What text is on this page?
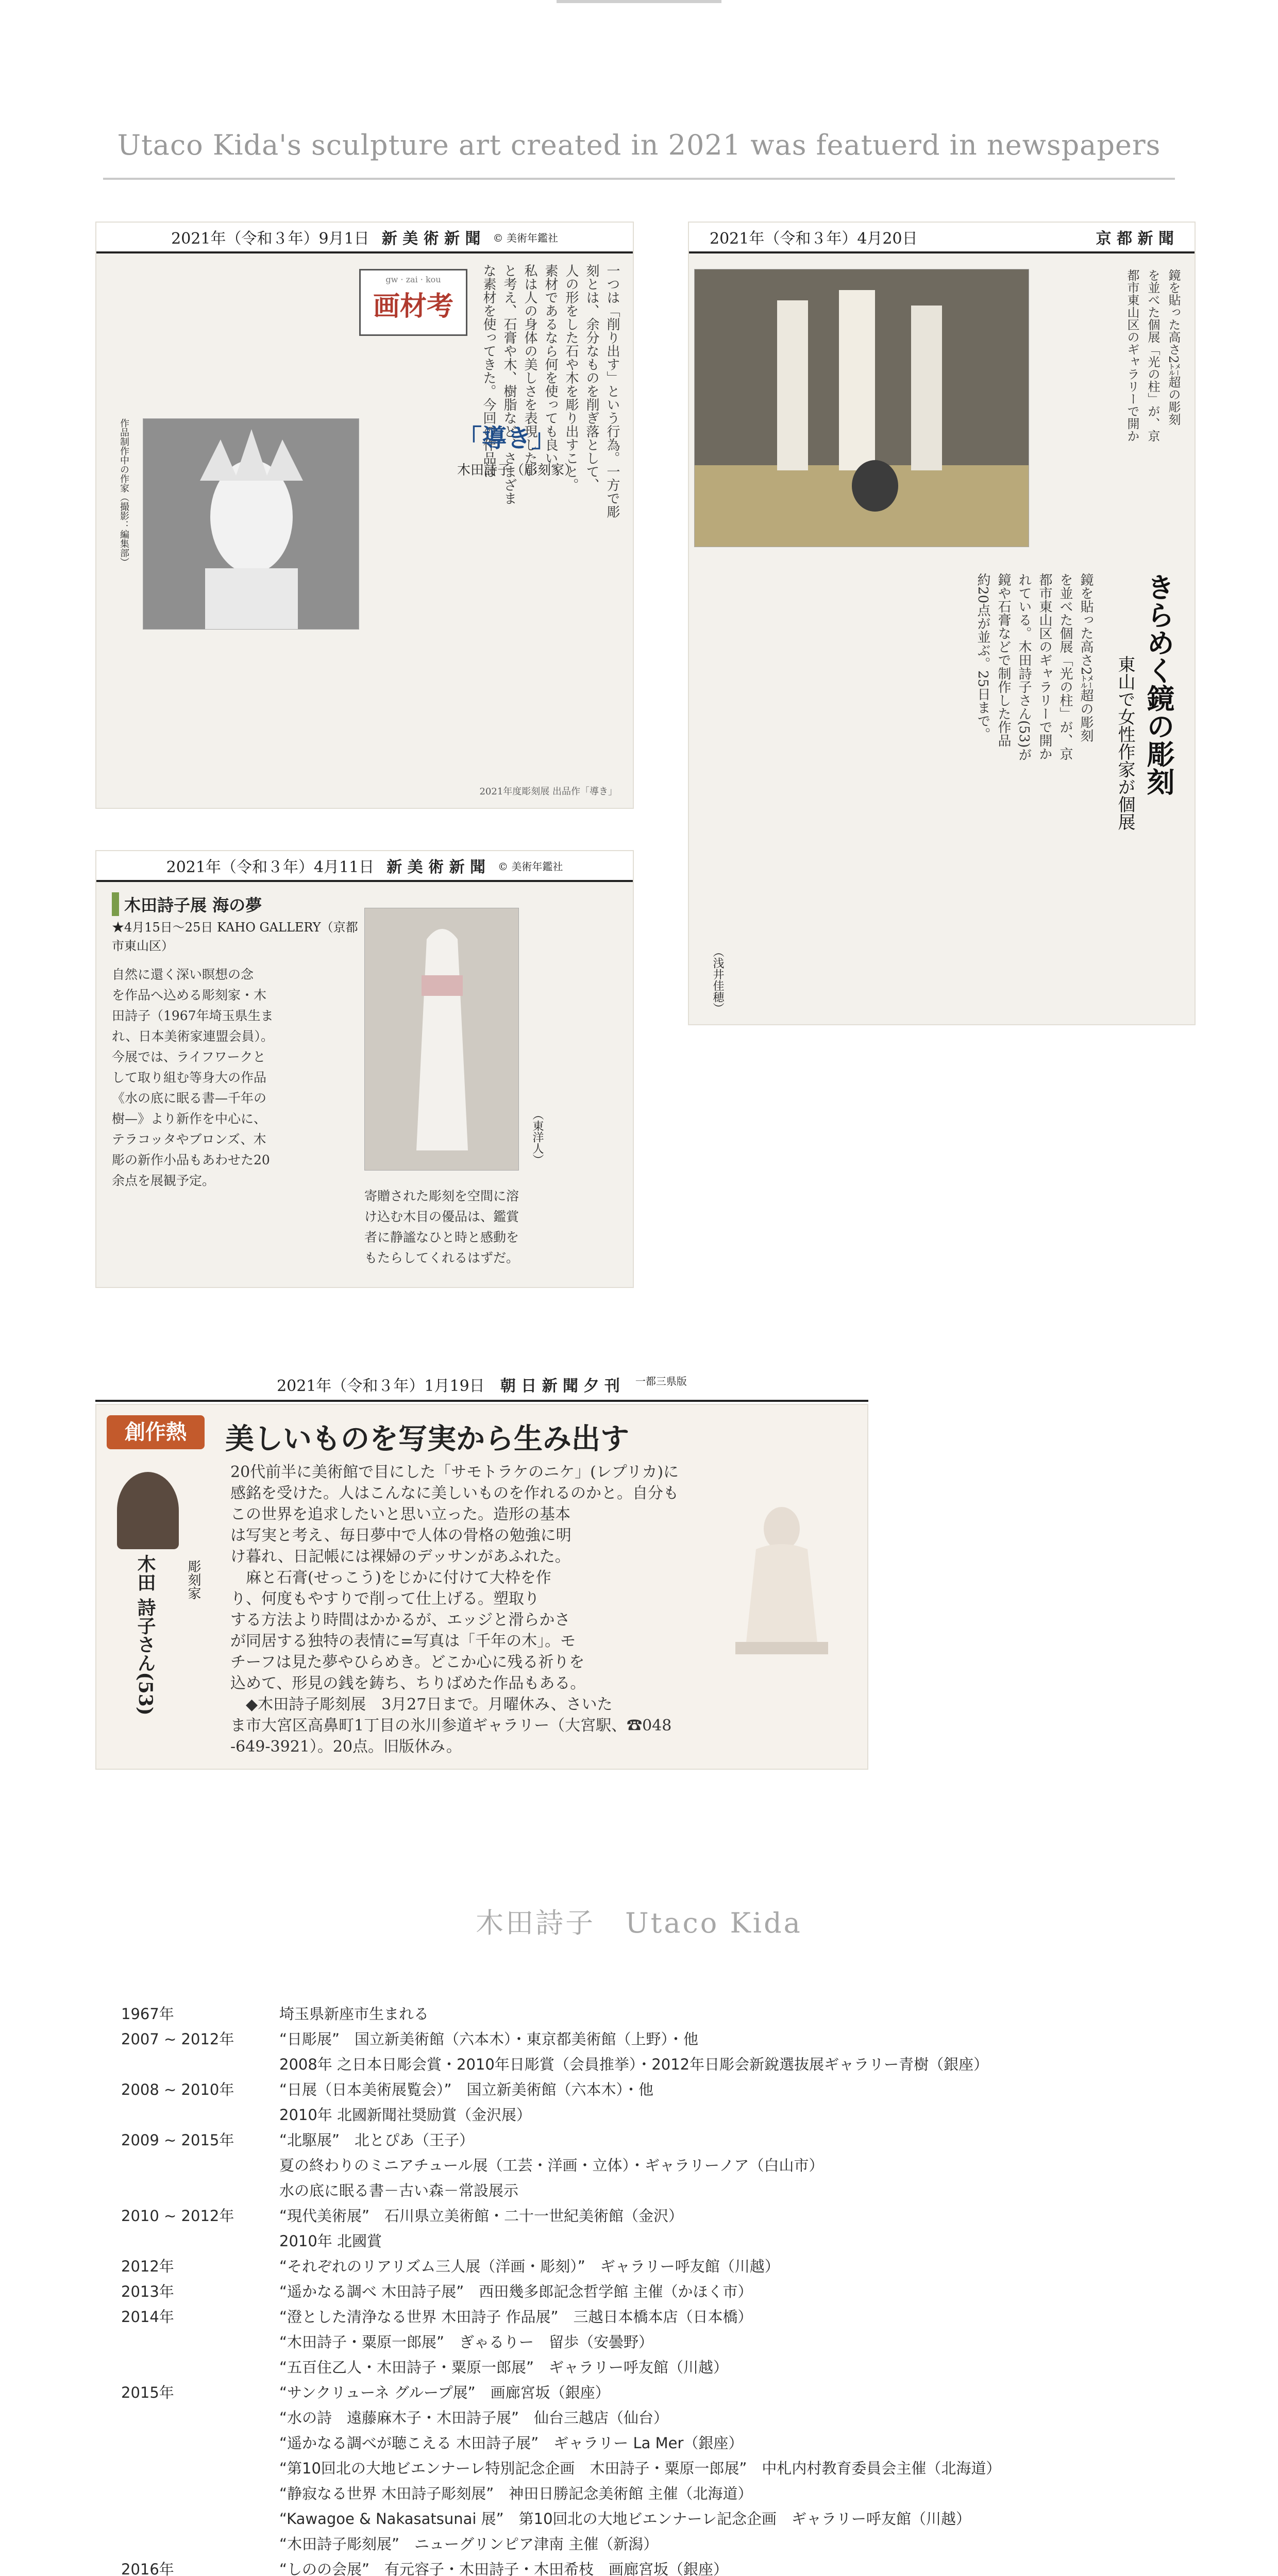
Utaco Kida's sculpture art created in 2021 was featuerd in newspapers
2021年（令和３年）9月1日 新 美 術 新 聞 © 美術年鑑社
一つは「削り出す」という行為。一方で彫
刻とは、余分なものを削ぎ落として、
人の形をした石や木を彫り出すこと。
素材であるなら何を使っても良い。
私は人の身体の美しさを表現したい
と考え、石膏や木、樹脂など、さまざま
な素材を使ってきた。今回の作品は
gw · zai · kou
画材考
「導き」
木田詩子（彫刻家）
作品制作中の作家（撮影：編集部）
2021年度彫刻展 出品作「導き」
2021年（令和３年）4月20日	京 都 新 聞
鏡を貼った高さ2㍍超の彫刻
を並べた個展「光の柱」が、京
都市東山区のギャラリーで開か
きらめく鏡の彫刻
東山で女性作家が個展
鏡を貼った高さ2㍍超の彫刻
を並べた個展「光の柱」が、京
都市東山区のギャラリーで開か
れている。木田詩子さん(53)が
鏡や石膏などで制作した作品
約20点が並ぶ。25日まで。
（浅井佳穂）
2021年（令和３年）4月11日 新 美 術 新 聞 © 美術年鑑社
木田詩子展 海の夢
★4月15日〜25日 KAHO GALLERY（京都市東山区）
自然に還く深い瞑想の念
を作品へ込める彫刻家・木
田詩子（1967年埼玉県生ま
れ、日本美術家連盟会員）。
今展では、ライフワークと
して取り組む等身大の作品
《水の底に眠る書—千年の
樹—》より新作を中心に、
テラコッタやブロンズ、木
彫の新作小品もあわせた20
余点を展観予定。
（東洋人）
寄贈された彫刻を空間に溶
け込む木目の優品は、鑑賞
者に静謐なひと時と感動を
もたらしてくれるはずだ。
2021年（令和３年）1月19日 朝 日 新 聞 夕 刊 一都三県版
創作熱	美しいものを写実から生み出す
彫刻家
木田 詩子さん(53)
20代前半に美術館で目にした「サモトラケのニケ」(レプリカ)に
感銘を受けた。人はこんなに美しいものを作れるのかと。自分も
この世界を追求したいと思い立った。造形の基本
は写実と考え、毎日夢中で人体の骨格の勉強に明
け暮れ、日記帳には裸婦のデッサンがあふれた。
　麻と石膏(せっこう)をじかに付けて大枠を作
り、何度もやすりで削って仕上げる。塑取り
する方法より時間はかかるが、エッジと滑らかさ
が同居する独特の表情に=写真は「千年の木」。モ
チーフは見た夢やひらめき。どこか心に残る祈りを
込めて、形見の銭を鋳ち、ちりばめた作品もある。
　◆木田詩子彫刻展　3月27日まで。月曜休み、さいた
ま市大宮区高鼻町1丁目の氷川参道ギャラリー（大宮駅、☎048
-649-3921）。20点。旧版休み。
木田詩子　Utaco Kida
1967年	埼玉県新座市生まれる
2007 ~ 2012年	“日彫展”　国立新美術館（六本木）・東京都美術館（上野）・他
2008年 之日本日彫会賞・2010年日彫賞（会員推挙）・2012年日彫会新銳選抜展ギャラリー青樹（銀座）
2008 ~ 2010年	“日展（日本美術展覧会）”　国立新美術館（六本木）・他
2010年 北國新聞社奨励賞（金沢展）
2009 ~ 2015年	“北駆展”　北とぴあ（王子）
夏の終わりのミニアチュール展（工芸・洋画・立体）・ギャラリーノア（白山市）
水の底に眠る書－古い森－常設展示
2010 ~ 2012年	“現代美術展”　石川県立美術館・二十一世紀美術館（金沢）
2010年 北國賞
2012年	“それぞれのリアリズム三人展（洋画・彫刻）”　ギャラリー呼友館（川越）
2013年	“遥かなる調べ 木田詩子展”　西田幾多郎記念哲学館 主催（かほく市）
2014年	“澄とした清浄なる世界 木田詩子 作品展”　三越日本橋本店（日本橋）
“木田詩子・粟原一郎展”　ぎゃるりー　留歩（安曇野）
“五百住乙人・木田詩子・粟原一郎展”　ギャラリー呼友館（川越）
2015年	“サンクリューネ グループ展”　画廊宮坂（銀座）
“水の詩　遠藤麻木子・木田詩子展”　仙台三越店（仙台）
“遥かなる調べが聴こえる 木田詩子展”　ギャラリー La Mer（銀座）
“第10回北の大地ビエンナーレ特別記念企画　木田詩子・粟原一郎展”　中札内村教育委員会主催（北海道）
“静寂なる世界 木田詩子彫刻展”　神田日勝記念美術館 主催（北海道）
“Kawagoe & Nakasatsunai 展”　第10回北の大地ビエンナーレ記念企画　ギャラリー呼友館（川越）
“木田詩子彫刻展”　ニューグリンピア津南 主催（新潟）
2016年	“しのの会展”　有元容子・木田詩子・木田希枝　画廊宮坂（銀座）
